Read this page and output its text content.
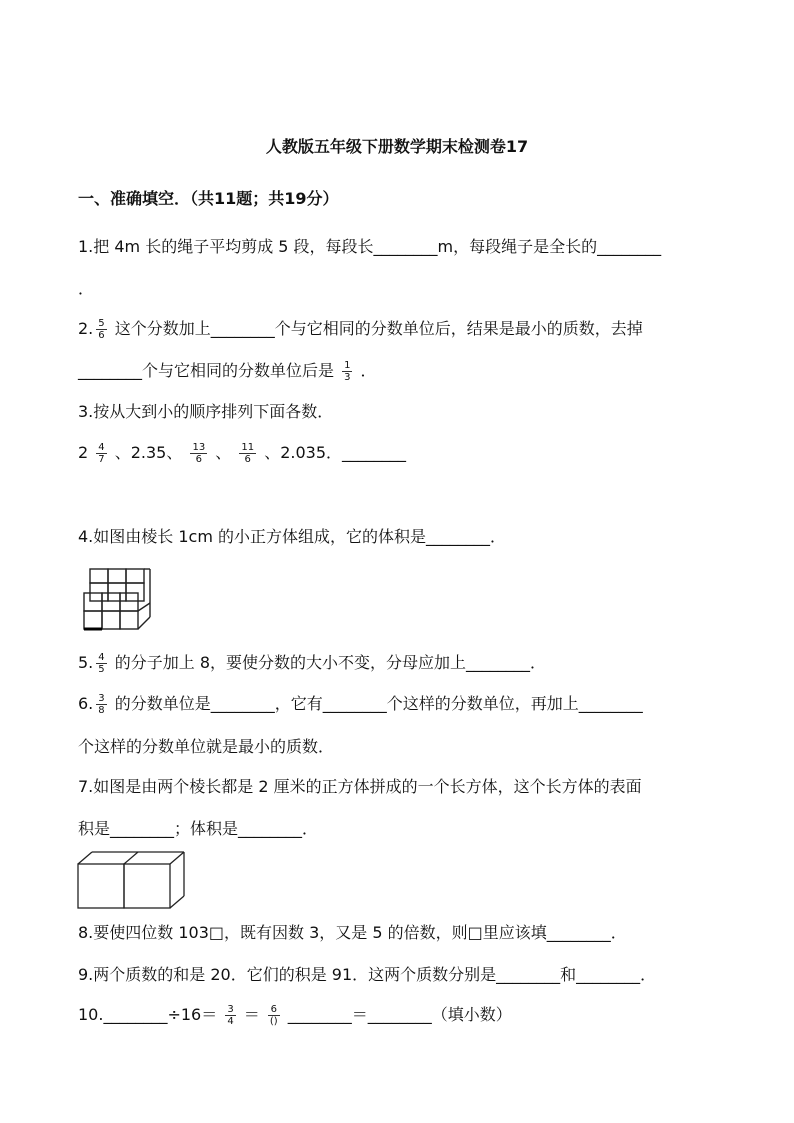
人教版五年级下册数学期末检测卷17
一、准确填空．（共11题；共19分）
1.把 4m 长的绳子平均剪成 5 段，每段长________m，每段绳子是全长的________
．
2. $\frac{5}{6}$ 这个分数加上________个与它相同的分数单位后，结果是最小的质数，去掉
________个与它相同的分数单位后是 $\frac{1}{3}$ ．
3.按从大到小的顺序排列下面各数．
$2 \frac{4}{7}$ 、2.35、 $\frac{13}{6}$ 、 $\frac{11}{6}$ 、2.035．________
4.如图由棱长 1cm 的小正方体组成，它的体积是________．
5. $\frac{4}{5}$ 的分子加上 8，要使分数的大小不变，分母应加上________．
6. $\frac{3}{8}$ 的分数单位是________，它有________个这样的分数单位，再加上________
个这样的分数单位就是最小的质数．
7.如图是由两个棱长都是 2 厘米的正方体拼成的一个长方体，这个长方体的表面
积是________；体积是________．
8.要使四位数 103□，既有因数 3，又是 5 的倍数，则□里应该填________．
9.两个质数的和是 20．它们的积是 91．这两个质数分别是________和________．
10.________÷16＝ $\frac{3}{4} = \frac{6}{()}$ ________＝________（填小数）
